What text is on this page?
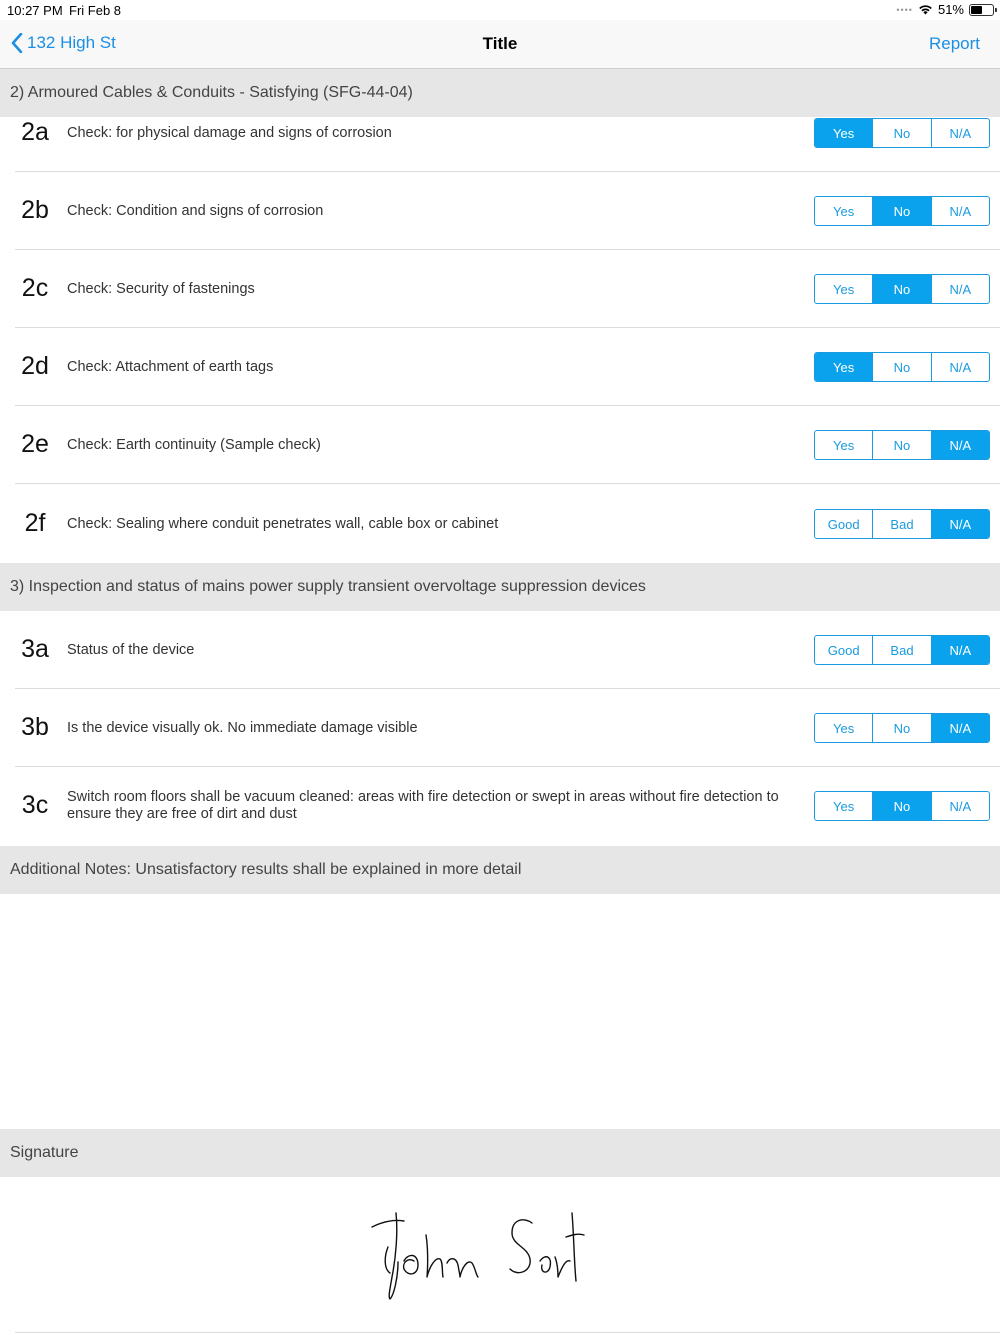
10:27 PM Fri Feb 8	•••• 51%
132 High St	Title	Report
2) Armoured Cables & Conduits - Satisfying (SFG-44-04)
3) Inspection and status of mains power supply transient overvoltage suppression devices
Additional Notes: Unsatisfactory results shall be explained in more detail
Signature
2a	Check: for physical damage and signs of corrosion	Yes	No	N/A
2b	Check: Condition and signs of corrosion	Yes	No	N/A
2c	Check: Security of fastenings	Yes	No	N/A
2d	Check: Attachment of earth tags	Yes	No	N/A
2e	Check: Earth continuity (Sample check)	Yes	No	N/A
2f	Check: Sealing where conduit penetrates wall, cable box or cabinet	Good	Bad	N/A
3a	Status of the device	Good	Bad	N/A
3b	Is the device visually ok. No immediate damage visible	Yes	No	N/A
3c	Switch room floors shall be vacuum cleaned: areas with fire detection or swept in areas without fire detection to ensure they are free of dirt and dust	Yes	No	N/A
